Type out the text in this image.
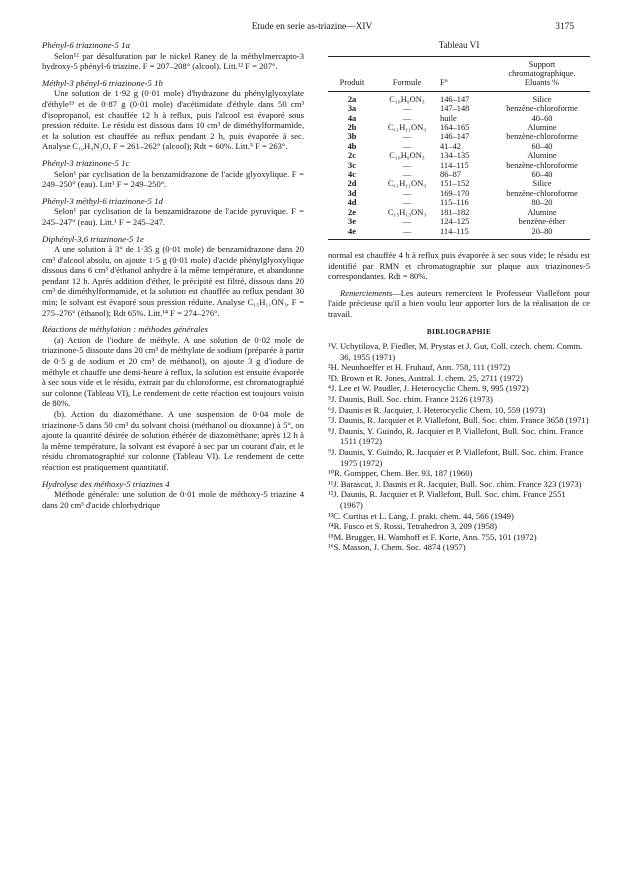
Etude en serie as-triazine—XIV	3175
Phényl-6 triazinone-5 1a

Selon¹² par désulfuration par le nickel Raney de la méthylmercapto-3 hydroxy-5 phényl-6 triazine. F = 207–208° (alcool). Litt.¹² F = 207°.

Méthyl-3 phényl-6 triazinone-5 1b

Une solution de 1·92 g (0·01 mole) d'hydrazone du phénylglyoxylate d'éthyle¹³ et de 0·87 g (0·01 mole) d'acétimidate d'éthyle dans 50 cm³ d'isopropanol, est chauffée 12 h à reflux, puis l'alcool est évaporé sous pression réduite. Le résidu est dissous dans 10 cm³ de diméthylformamide, et la solution est chauffée au reflux pendant 2 h, puis évaporée à sec. Analyse C₁₀H₉N₃O, F = 261–262° (alcool); Rdt = 60%. Litt.⁵ F = 263°.

Phényl-3 triazinone-5 1c

Selon¹ par cyclisation de la benzamidrazone de l'acide glyoxylique. F = 249–250° (eau). Litt¹ F = 249–250°.

Phényl-3 méthyl-6 triazinone-5 1d

Selon¹ par cyclisation de la benzamidrazone de l'acide pyruvique. F = 245–247° (eau). Litt.¹ F = 245–247.

Diphényl-3,6 triazinone-5 1e

A une solution à 3° de 1·35 g (0·01 mole) de benzamidrazone dans 20 cm³ d'alcool absolu, on ajoute 1·5 g (0·01 mole) d'acide phénylglyoxylique dissous dans 6 cm³ d'éthanol anhydre à la même température, et abandonne pendant 12 h. Après addition d'éther, le précipité est filtré, dissous dans 20 cm³ de diméthylformamide, et la solution est chauffée au reflux pendant 30 min; le solvant est évaporé sous pression réduite. Analyse C₁₅H₁₁ON₃, F = 275–276° (éthanol); Rdt 65%. Litt.¹⁴ F = 274–276°.

Réactions de méthylation : méthodes générales

(a) Action de l'iodure de méthyle. A une solution de 0·02 mole de triazinone-5 dissoute dans 20 cm³ de méthylate de sodium (préparée à partir de 0·5 g de sodium et 20 cm³ de méthanol), on ajoute 3 g d'iodure de méthyle et chauffe une demi-heure à reflux, la solution est ensuite évaporée à sec sous vide et le résidu, extrait par du chloroforme, est chromatographié sur colonne (Tableau VI), Le rendement de cette réaction est toujours voisin de 80%.

(b). Action du diazométhane. A une suspension de 0·04 mole de triazinone-5 dans 50 cm³ du solvant choisi (méthanol ou dioxanne) à 5°, on ajoute la quantité désirée de solution éthérée de diazométhane; après 12 h à la même température, la solvant est évaporé à sec par un courant d'air, et le résidu chromatographié sur colonne (Tableau VI). Le rendement de cette réaction est pratiquement quantitatif.

Hydrolyse des méthoxy-5 triazines 4

Méthode générale: une solution de 0·01 mole de méthoxy-5 triazine 4 dans 20 cm³ d'acide chlorhydrique

Tableau VI
Produit	Formule	F°	Support chromatographique. Eluants %
2a	C₁₀H₉ON₃	146–147	Silice
3a	—	147–148	benzène-chloroforme
4a	—	huile	40–60
2b	C₁₁H₁₁ON₃	164–165	Alumine
3b	—	146–147	benzène-chloroforme
4b	—	41–42	60–40
2c	C₁₀H₉ON₃	134–135	Alumine
3c	—	114–115	benzène-chloroforme
4c	—	86–87	60–40
2d	C₁₁H₁₁ON₃	151–152	Silice
3d	—	169–170	benzène-chloroforme
4d	—	115–116	80–20
2e	C₁₅H₁₃ON₃	181–182	Alumine
3e	—	124–125	benzène-éther
4e	—	114–115	20–80

normal est chauffée 4 h à reflux puis évaporée à sec sous vide; le résidu est identifié par RMN et chromatographie sur plaque aux triazinones-5 correspondantes. Rdt = 80%.

Remerciements—Les auteurs remercient le Professeur Viallefont pour l'aide précieuse qu'il a bien voulu leur apporter lors de la réalisation de ce travail.

BIBLIOGRAPHIE
¹V. Uchytilova, P. Fiedler, M. Prystas et J. Gut, Coll. czech. chem. Comm. 36, 1955 (1971)
²H. Neunhoeffer et H. Fruhauf, Ann. 758, 111 (1972)
³D. Brown et R. Jones, Austral. J. chem. 25, 2711 (1972)
⁴J. Lee et W. Paudler, J. Heterocyclic Chem. 9, 995 (1972)
⁵J. Daunis, Bull. Soc. chim. France 2126 (1973)
⁶J. Daunis et R. Jacquier, J. Heterocyclic Chem. 10, 559 (1973)
⁷J. Daunis, R. Jacquier et P. Viallefont, Bull. Soc. chim. France 3658 (1971)
⁸J. Daunis, Y. Guindo, R. Jacquier et P. Viallefont, Bull. Soc. chim. France 1511 (1972)
⁹J. Daunis, Y. Guindo, R. Jacquier et P. Viallefont, Bull. Soc. chim. France 1975 (1972)
¹⁰R. Gompper, Chem. Ber. 93, 187 (1960)
¹¹J. Barascut, J. Daunis et R. Jacquier, Bull. Soc. chim. France 323 (1973)
¹²J. Daunis, R. Jacquier et P. Viallefont, Bull. Soc. chim. France 2551 (1967)
¹³C. Curtius et L. Lang, J. prakt. chem. 44, 566 (1949)
¹⁴R. Fusco et S. Rossi, Tetrahedron 3, 209 (1958)
¹⁵M. Brugger, H. Wamhoff et F. Korte, Ann. 755, 101 (1972)
¹⁶S. Masson, J. Chem. Soc. 4874 (1957)
